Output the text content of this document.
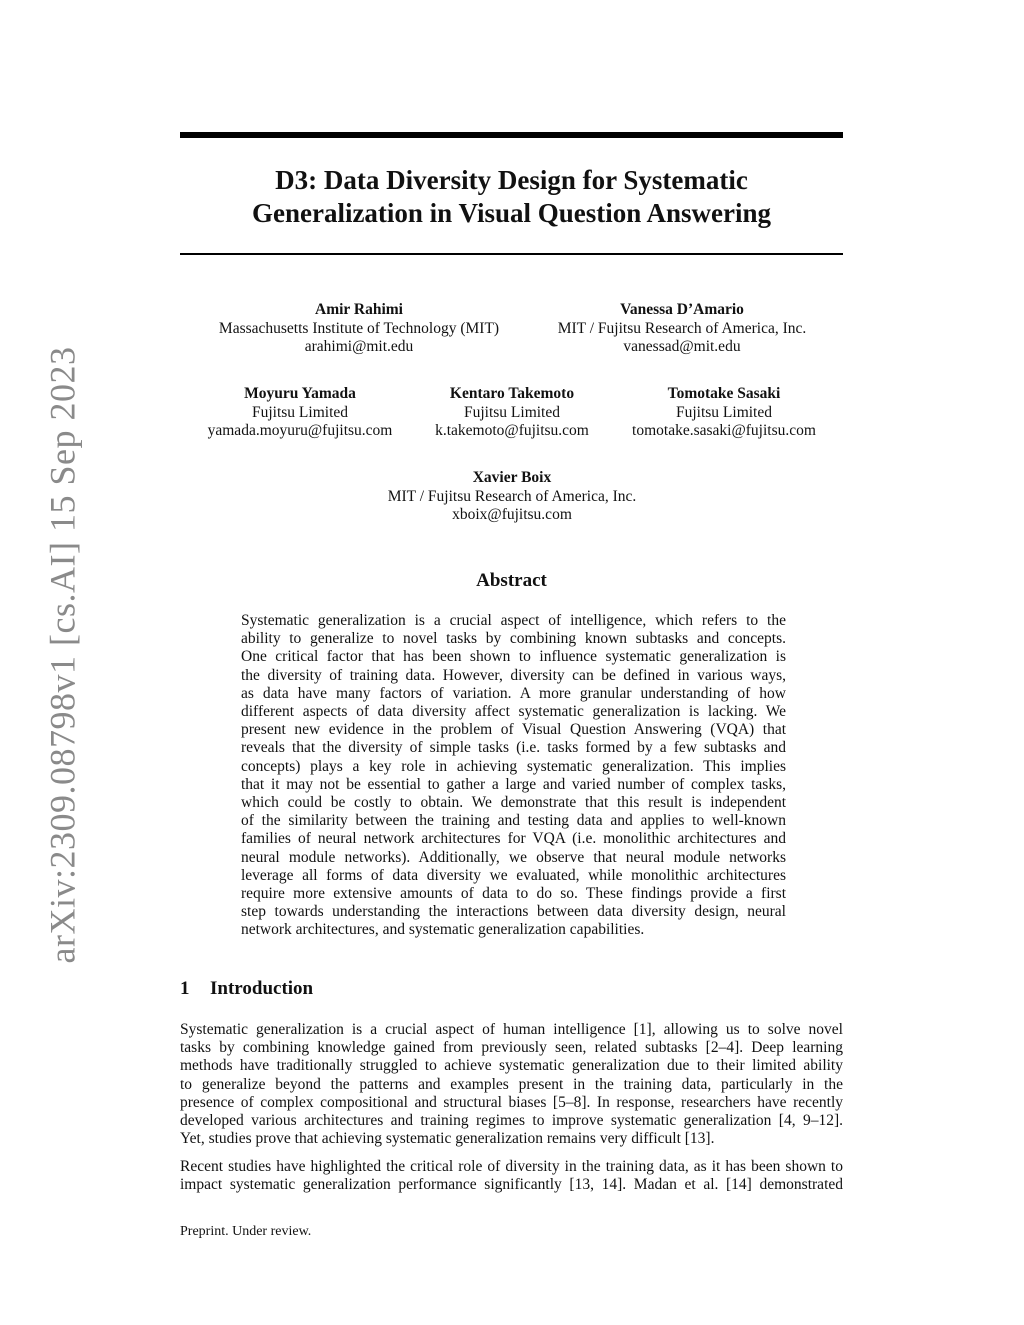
arXiv:2309.08798v1 [cs.AI] 15 Sep 2023
D3: Data Diversity Design for Systematic
Generalization in Visual Question Answering
Amir Rahimi
Massachusetts Institute of Technology (MIT)
arahimi@mit.edu
Vanessa D’Amario
MIT / Fujitsu Research of America, Inc.
vanessad@mit.edu
Moyuru Yamada
Fujitsu Limited
yamada.moyuru@fujitsu.com
Kentaro Takemoto
Fujitsu Limited
k.takemoto@fujitsu.com
Tomotake Sasaki
Fujitsu Limited
tomotake.sasaki@fujitsu.com
Xavier Boix
MIT / Fujitsu Research of America, Inc.
xboix@fujitsu.com
Abstract
Systematic generalization is a crucial aspect of intelligence, which refers to the
ability to generalize to novel tasks by combining known subtasks and concepts.
One critical factor that has been shown to influence systematic generalization is
the diversity of training data. However, diversity can be defined in various ways,
as data have many factors of variation. A more granular understanding of how
different aspects of data diversity affect systematic generalization is lacking. We
present new evidence in the problem of Visual Question Answering (VQA) that
reveals that the diversity of simple tasks (i.e. tasks formed by a few subtasks and
concepts) plays a key role in achieving systematic generalization. This implies
that it may not be essential to gather a large and varied number of complex tasks,
which could be costly to obtain. We demonstrate that this result is independent
of the similarity between the training and testing data and applies to well-known
families of neural network architectures for VQA (i.e. monolithic architectures and
neural module networks). Additionally, we observe that neural module networks
leverage all forms of data diversity we evaluated, while monolithic architectures
require more extensive amounts of data to do so. These findings provide a first
step towards understanding the interactions between data diversity design, neural
network architectures, and systematic generalization capabilities.
1 Introduction
Systematic generalization is a crucial aspect of human intelligence [1], allowing us to solve novel
tasks by combining knowledge gained from previously seen, related subtasks [2–4]. Deep learning
methods have traditionally struggled to achieve systematic generalization due to their limited ability
to generalize beyond the patterns and examples present in the training data, particularly in the
presence of complex compositional and structural biases [5–8]. In response, researchers have recently
developed various architectures and training regimes to improve systematic generalization [4, 9–12].
Yet, studies prove that achieving systematic generalization remains very difficult [13].
Recent studies have highlighted the critical role of diversity in the training data, as it has been shown to
impact systematic generalization performance significantly [13, 14]. Madan et al. [14] demonstrated
Preprint. Under review.
